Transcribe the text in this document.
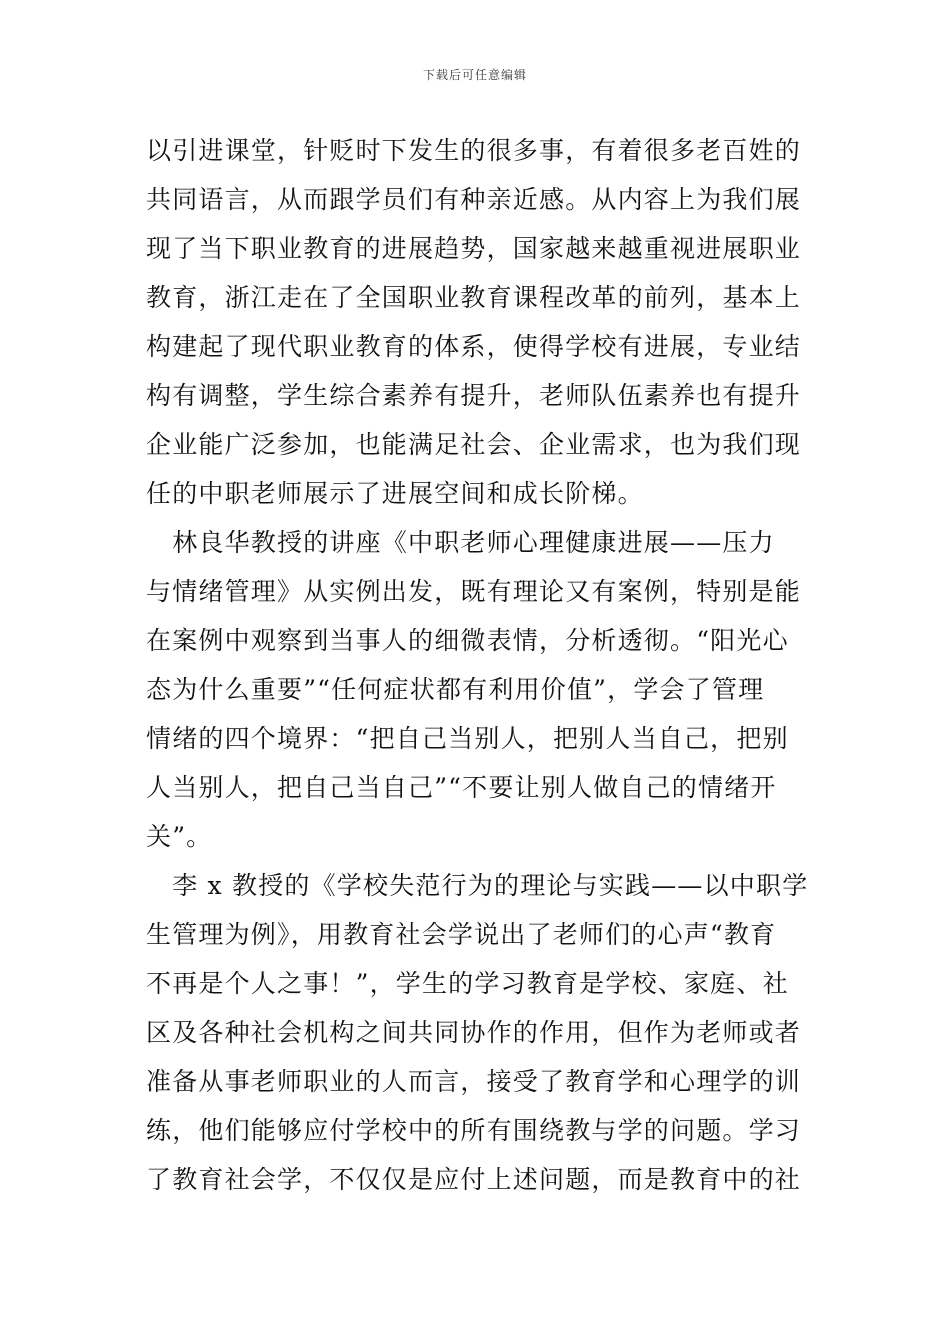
下载后可任意编辑
以引进课堂，针贬时下发生的很多事，有着很多老百姓的
共同语言，从而跟学员们有种亲近感。从内容上为我们展
现了当下职业教育的进展趋势，国家越来越重视进展职业
教育，浙江走在了全国职业教育课程改革的前列，基本上
构建起了现代职业教育的体系，使得学校有进展，专业结
构有调整，学生综合素养有提升，老师队伍素养也有提升
企业能广泛参加，也能满足社会、企业需求，也为我们现
任的中职老师展示了进展空间和成长阶梯。
　林良华教授的讲座《中职老师心理健康进展——压力
与情绪管理》从实例出发，既有理论又有案例，特别是能
在案例中观察到当事人的细微表情，分析透彻。“阳光心
态为什么重要”“任何症状都有利用价值”，学会了管理
情绪的四个境界：“把自己当别人，把别人当自己，把别
人当别人，把自己当自己”“不要让别人做自己的情绪开
关”。
　李 x 教授的《学校失范行为的理论与实践——以中职学
生管理为例》，用教育社会学说出了老师们的心声“教育
不再是个人之事！”，学生的学习教育是学校、家庭、社
区及各种社会机构之间共同协作的作用，但作为老师或者
准备从事老师职业的人而言，接受了教育学和心理学的训
练，他们能够应付学校中的所有围绕教与学的问题。学习
了教育社会学，不仅仅是应付上述问题，而是教育中的社
